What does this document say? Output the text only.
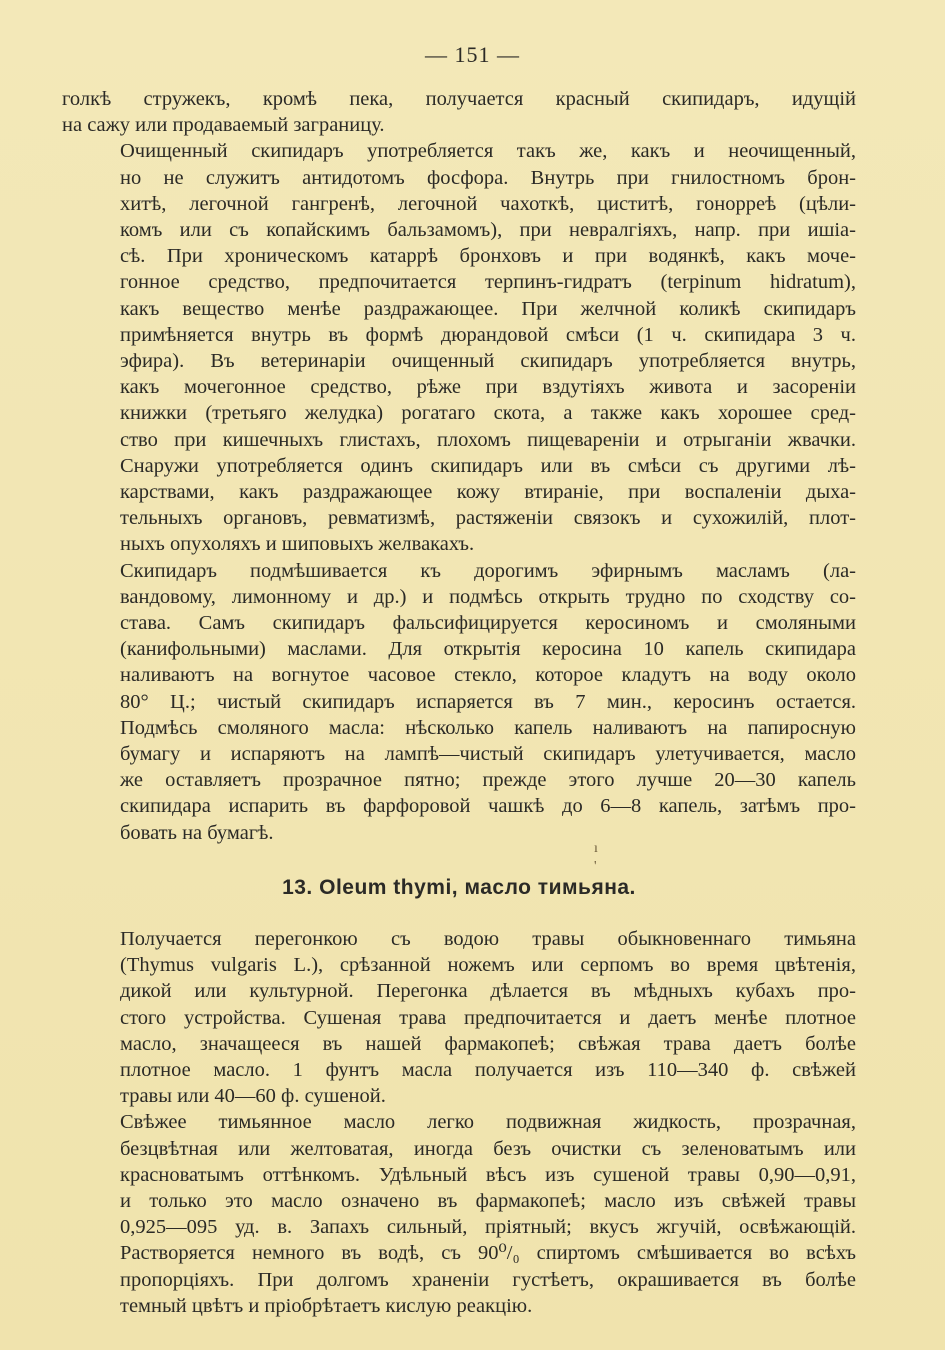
— 151 —
голкѣ стружекъ, кромѣ пека, получается красный скипидаръ, идущій
на сажу или продаваемый заграницу.
Очищенный скипидаръ употребляется такъ же, какъ и неочищенный,
но не служитъ антидотомъ фосфора. Внутрь при гнилостномъ брон-
хитѣ, легочной гангренѣ, легочной чахоткѣ, циститѣ, гоноррeѣ (цѣли-
комъ или съ копайскимъ бальзамомъ), при невралгіяхъ, напр. при ишіа-
сѣ. При хроническомъ катаррѣ бронховъ и при водянкѣ, какъ моче-
гонное средство, предпочитается терпинъ-гидратъ (terpinum hidratum),
какъ вещество менѣе раздражающее. При желчной коликѣ скипидаръ
примѣняется внутрь въ формѣ дюрандовой смѣси (1 ч. скипидара 3 ч.
эфира). Въ ветеринаріи очищенный скипидаръ употребляется внутрь,
какъ мочегонное средство, рѣже при вздутіяхъ живота и засореніи
книжки (третьяго желудка) рогатаго скота, а также какъ хорошее сред-
ство при кишечныхъ глистахъ, плохомъ пищевареніи и отрыганіи жвачки.
Снаружи употребляется одинъ скипидаръ или въ смѣси съ другими лѣ-
карствами, какъ раздражающее кожу втираніе, при воспаленіи дыха-
тельныхъ органовъ, ревматизмѣ, растяженіи связокъ и сухожилій, плот-
ныхъ опухоляхъ и шиповыхъ желвакахъ.
Скипидаръ подмѣшивается къ дорогимъ эфирнымъ масламъ (ла-
вандовому, лимонному и др.) и подмѣсь открыть трудно по сходству со-
става. Самъ скипидаръ фальсифицируется керосиномъ и смоляными
(канифольными) маслами. Для открытія керосина 10 капель скипидара
наливаютъ на вогнутое часовое стекло, которое кладутъ на воду около
80° Ц.; чистый скипидаръ испаряется въ 7 мин., керосинъ остается.
Подмѣсь смоляного масла: нѣсколько капель наливаютъ на папиросную
бумагу и испаряютъ на лампѣ—чистый скипидаръ улетучивается, масло
же оставляетъ прозрачное пятно; прежде этого лучше 20—30 капель
скипидара испарить въ фарфоровой чашкѣ до 6—8 капель, затѣмъ про-
бовать на бумагѣ.
ı
'
13. Oleum thymi, масло тимьяна.
Получается перегонкою съ водою травы обыкновеннаго тимьяна
(Thymus vulgaris L.), срѣзанной ножемъ или серпомъ во время цвѣтенія,
дикой или культурной. Перегонка дѣлается въ мѣдныхъ кубахъ про-
стого устройства. Сушеная трава предпочитается и даетъ менѣе плотное
масло, значащееся въ нашей фармакопеѣ; свѣжая трава даетъ болѣе
плотное масло. 1 фунтъ масла получается изъ 110—340 ф. свѣжей
травы или 40—60 ф. сушеной.
Свѣжее тимьянное масло легко подвижная жидкость, прозрачная,
безцвѣтная или желтоватая, иногда безъ очистки съ зеленоватымъ или
красноватымъ оттѣнкомъ. Удѣльный вѣсъ изъ сушеной травы 0,90—0,91,
и только это масло означено въ фармакопеѣ; масло изъ свѣжей травы
0,925—095 уд. в. Запахъ сильный, пріятный; вкусъ жгучій, освѣжающій.
Растворяется немного въ водѣ, съ 90⁰/₀ спиртомъ смѣшивается во всѣхъ
пропорціяхъ. При долгомъ храненіи густѣетъ, окрашивается въ болѣе
темный цвѣтъ и пріобрѣтаетъ кислую реакцію.
